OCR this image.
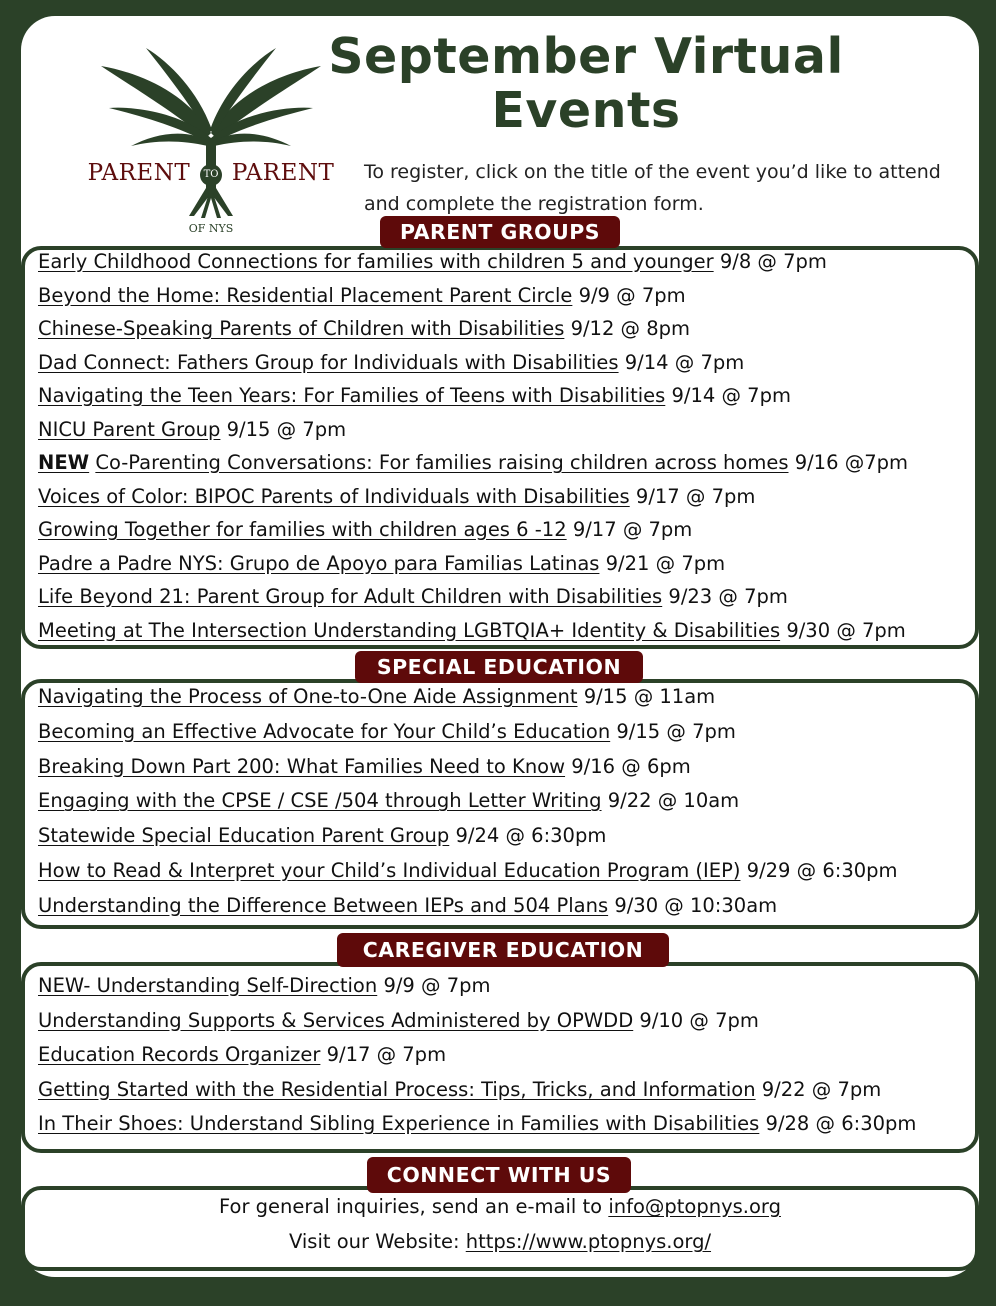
PARENT TO PARENT
OF NYS
September Virtual
Events
To register, click on the title of the event you’d like to attend and complete the registration form.
PARENT GROUPS
Early Childhood Connections for families with children 5 and younger 9/8 @ 7pm
Beyond the Home: Residential Placement Parent Circle 9/9 @ 7pm
Chinese-Speaking Parents of Children with Disabilities 9/12 @ 8pm
Dad Connect: Fathers Group for Individuals with Disabilities 9/14 @ 7pm
Navigating the Teen Years: For Families of Teens with Disabilities 9/14 @ 7pm
NICU Parent Group 9/15 @ 7pm
NEW Co-Parenting Conversations: For families raising children across homes 9/16 @7pm
Voices of Color: BIPOC Parents of Individuals with Disabilities 9/17 @ 7pm
Growing Together for families with children ages 6 -12 9/17 @ 7pm
Padre a Padre NYS: Grupo de Apoyo para Familias Latinas 9/21 @ 7pm
Life Beyond 21: Parent Group for Adult Children with Disabilities 9/23 @ 7pm
Meeting at The Intersection Understanding LGBTQIA+ Identity & Disabilities 9/30 @ 7pm
SPECIAL EDUCATION
Navigating the Process of One-to-One Aide Assignment 9/15 @ 11am
Becoming an Effective Advocate for Your Child’s Education 9/15 @ 7pm
Breaking Down Part 200: What Families Need to Know 9/16 @ 6pm
Engaging with the CPSE / CSE /504 through Letter Writing 9/22 @ 10am
Statewide Special Education Parent Group 9/24 @ 6:30pm
How to Read & Interpret your Child’s Individual Education Program (IEP) 9/29 @ 6:30pm
Understanding the Difference Between IEPs and 504 Plans 9/30 @ 10:30am
CAREGIVER EDUCATION
NEW- Understanding Self-Direction 9/9 @ 7pm
Understanding Supports & Services Administered by OPWDD 9/10 @ 7pm
Education Records Organizer 9/17 @ 7pm
Getting Started with the Residential Process: Tips, Tricks, and Information 9/22 @ 7pm
In Their Shoes: Understand Sibling Experience in Families with Disabilities 9/28 @ 6:30pm
CONNECT WITH US
For general inquiries, send an e-mail to info@ptopnys.org
Visit our Website: https://www.ptopnys.org/
